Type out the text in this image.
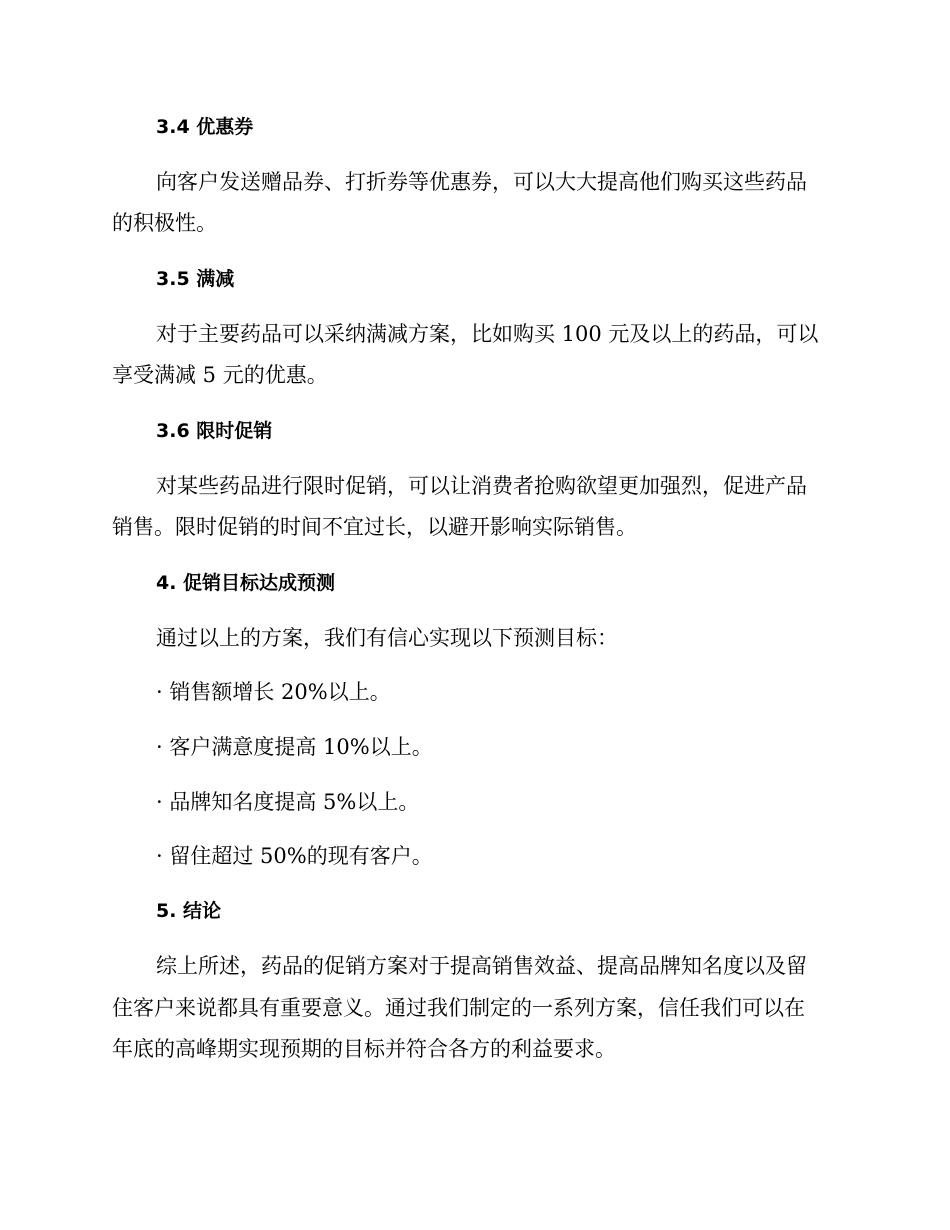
3.4 优惠券
向客户发送赠品券、打折券等优惠券，可以大大提高他们购买这些药品
的积极性。
3.5 满减
对于主要药品可以采纳满减方案，比如购买 100 元及以上的药品，可以
享受满减 5 元的优惠。
3.6 限时促销
对某些药品进行限时促销，可以让消费者抢购欲望更加强烈，促进产品
销售。限时促销的时间不宜过长，以避开影响实际销售。
4. 促销目标达成预测
通过以上的方案，我们有信心实现以下预测目标：
· 销售额增长 20%以上。
· 客户满意度提高 10%以上。
· 品牌知名度提高 5%以上。
· 留住超过 50%的现有客户。
5. 结论
综上所述，药品的促销方案对于提高销售效益、提高品牌知名度以及留
住客户来说都具有重要意义。通过我们制定的一系列方案，信任我们可以在
年底的高峰期实现预期的目标并符合各方的利益要求。
